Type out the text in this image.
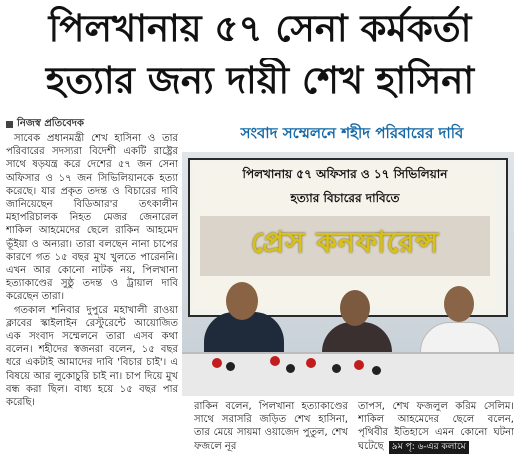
পিলখানায় ৫৭ সেনা কর্মকর্তা
হত্যার জন্য দায়ী শেখ হাসিনা
নিজস্ব প্রতিবেদক

সাবেক প্রধানমন্ত্রী শেখ হাসিনা ও তার পরিবারের সদস্যরা বিদেশী একটি রাষ্ট্রের সাথে ষড়যন্ত্র করে দেশের ৫৭ জন সেনা অফিসার ও ১৭ জন সিভিলিয়ানকে হত্যা করেছে। যার প্রকৃত তদন্ত ও বিচারের দাবি জানিয়েছেন বিডিআর'র তৎকালীন মহাপরিচালক নিহত মেজর জেনারেল শাকিল আহমেদের ছেলে রাকিন আহমেদ ভূঁইয়া ও অন্যরা। তারা বলছেন নানা চাপের কারণে গত ১৫ বছর মুখ খুলতে পারেননি। এখন আর কোনো নাটক নয়, পিলখানা হত্যাকাণ্ডের সুষ্ঠু তদন্ত ও ট্রায়াল দাবি করেছেন তারা।

গতকাল শনিবার দুপুরে মহাখালী রাওয়া ক্লাবের স্কাইলাইন রেস্টুরেন্টে আয়োজিত এক সংবাদ সম্মেলনে তারা এসব কথা বলেন। শহীদের স্বজনরা বলেন, ১৫ বছর ধরে একটাই আমাদের দাবি 'বিচার চাই'। এ বিষয়ে আর লুকোচুরি চাই না। চাপ দিয়ে মুখ বন্ধ করা ছিল। বাধ্য হয়ে ১৫ বছর পার করেছি।

সংবাদ সম্মেলনে শহীদ পরিবারের দাবি
পিলখানায় ৫৭ অফিসার ও ১৭ সিভিলিয়ান
হত্যার বিচারের দাবিতে
প্রেস কনফারেন্স

রাকিন বলেন, পিলখানা হত্যাকাণ্ডের সাথে সরাসরি জড়িত শেখ হাসিনা, তার মেয়ে সায়মা ওয়াজেদ পুতুল, শেখ ফজলে নূর

তাপস, শেখ ফজলুল করিম সেলিম। শাকিল আহমেদের ছেলে বলেন, পৃথিবীর ইতিহাসে এমন কোনো ঘটনা ঘটেছে ৯ম পৃ: ৬-এর কলামে
